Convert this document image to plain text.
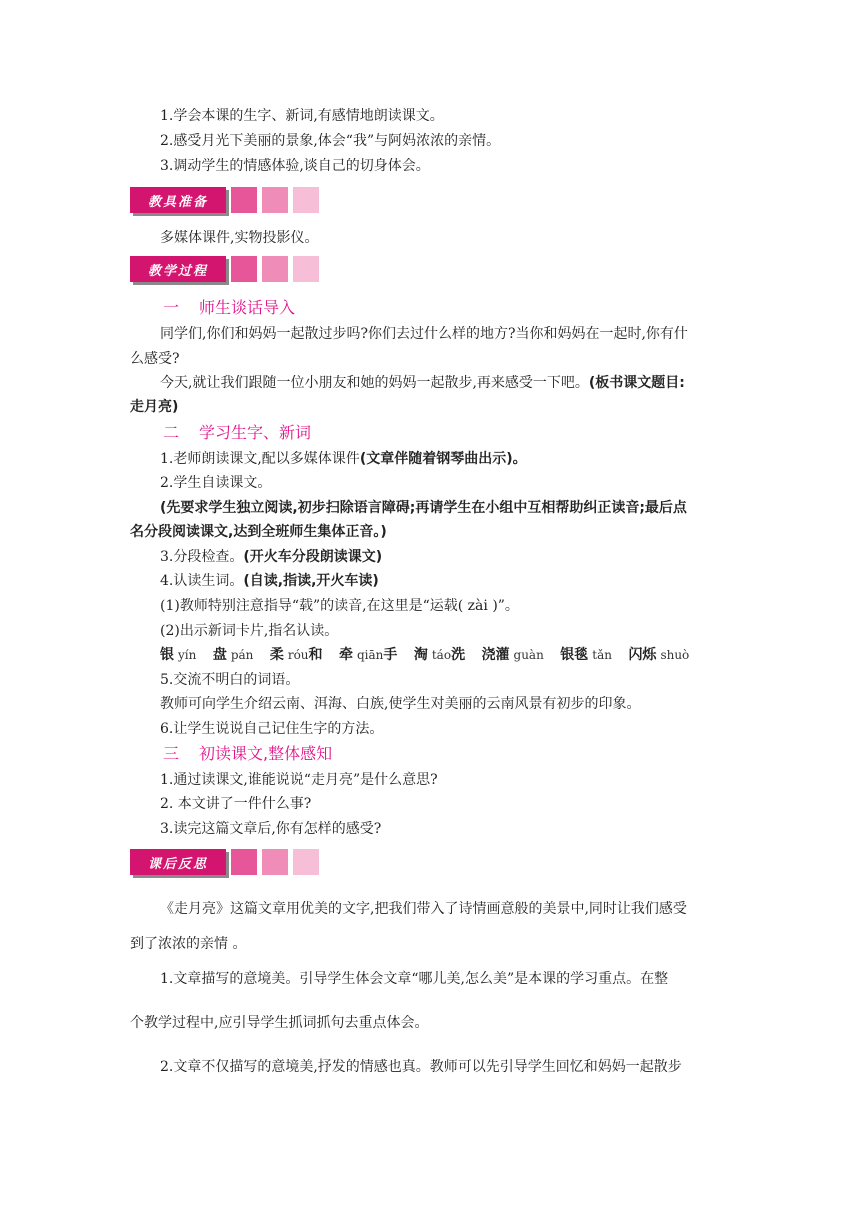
1.学会本课的生字、新词,有感情地朗读课文。
2.感受月光下美丽的景象,体会“我”与阿妈浓浓的亲情。
3.调动学生的情感体验,谈自己的切身体会。
教具准备
多媒体课件,实物投影仪。
教学过程
一 师生谈话导入
同学们,你们和妈妈一起散过步吗?你们去过什么样的地方?当你和妈妈在一起时,你有什
么感受?
今天,就让我们跟随一位小朋友和她的妈妈一起散步,再来感受一下吧。(板书课文题目:
走月亮)
二 学习生字、新词
1.老师朗读课文,配以多媒体课件(文章伴随着钢琴曲出示)。
2.学生自读课文。
(先要求学生独立阅读,初步扫除语言障碍;再请学生在小组中互相帮助纠正读音;最后点
名分段阅读课文,达到全班师生集体正音。)
3.分段检查。(开火车分段朗读课文)
4.认读生词。(自读,指读,开火车读)
(1)教师特别注意指导“载”的读音,在这里是“运载( zài )”。
(2)出示新词卡片,指名认读。
银 yín 盘 pán 柔 róu和 牵 qiān手 淘 táo洗 浇灌 guàn 银毯 tǎn 闪烁 shuò
5.交流不明白的词语。
教师可向学生介绍云南、洱海、白族,使学生对美丽的云南风景有初步的印象。
6.让学生说说自己记住生字的方法。
三 初读课文,整体感知
1.通过读课文,谁能说说“走月亮”是什么意思?
2. 本文讲了一件什么事?
3.读完这篇文章后,你有怎样的感受?
课后反思
《走月亮》这篇文章用优美的文字,把我们带入了诗情画意般的美景中,同时让我们感受
到了浓浓的亲情 。
1.文章描写的意境美。引导学生体会文章“哪儿美,怎么美”是本课的学习重点。在整
个教学过程中,应引导学生抓词抓句去重点体会。
2.文章不仅描写的意境美,抒发的情感也真。教师可以先引导学生回忆和妈妈一起散步
